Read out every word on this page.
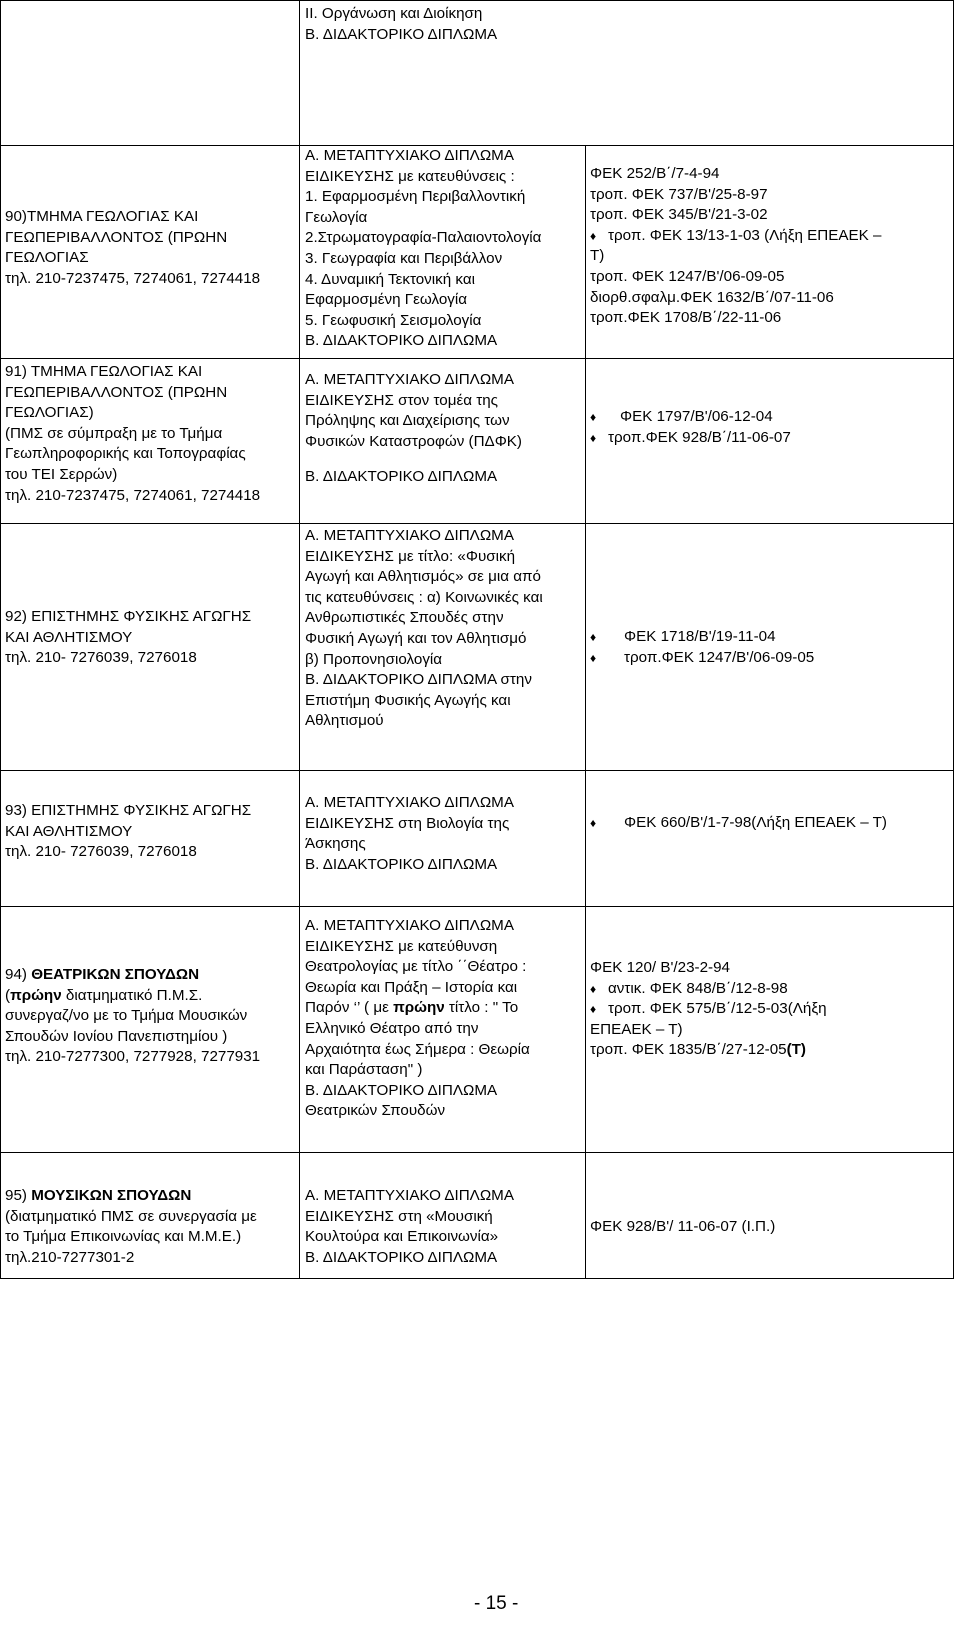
II. Οργάνωση και Διοίκηση
Β. ΔΙΔΑΚΤΟΡΙΚΟ ΔΙΠΛΩΜΑ
90)ΤΜΗΜΑ ΓΕΩΛΟΓΙΑΣ ΚΑΙ
ΓΕΩΠΕΡΙΒΑΛΛΟΝΤΟΣ (ΠΡΩΗΝ
ΓΕΩΛΟΓΙΑΣ
τηλ. 210-7237475, 7274061, 7274418
Α. ΜΕΤΑΠΤΥΧΙΑΚΟ ΔΙΠΛΩΜΑ
ΕΙΔΙΚΕΥΣΗΣ με κατευθύνσεις :
1. Εφαρμοσμένη Περιβαλλοντική
Γεωλογία
2.Στρωματογραφία-Παλαιοντολογία
3. Γεωγραφία και Περιβάλλον
4. Δυναμική Τεκτονική και
Εφαρμοσμένη Γεωλογία
5. Γεωφυσική Σεισμολογία
Β. ΔΙΔΑΚΤΟΡΙΚΟ ΔΙΠΛΩΜΑ
ΦΕΚ 252/Β΄/7-4-94
τροπ. ΦΕΚ 737/Β'/25-8-97
τροπ. ΦΕΚ 345/Β'/21-3-02
♦ τροπ. ΦΕΚ 13/13-1-03 (Λήξη ΕΠΕΑΕΚ –
Τ)
τροπ. ΦΕΚ 1247/Β'/06-09-05
διορθ.σφαλμ.ΦΕΚ 1632/Β΄/07-11-06
τροπ.ΦΕΚ 1708/Β΄/22-11-06
91) ΤΜΗΜΑ ΓΕΩΛΟΓΙΑΣ ΚΑΙ
ΓΕΩΠΕΡΙΒΑΛΛΟΝΤΟΣ (ΠΡΩΗΝ
ΓΕΩΛΟΓΙΑΣ)
(ΠΜΣ σε σύμπραξη με το Τμήμα
Γεωπληροφορικής και Τοπογραφίας
του ΤΕΙ Σερρών)
τηλ. 210-7237475, 7274061, 7274418
Α. ΜΕΤΑΠΤΥΧΙΑΚΟ ΔΙΠΛΩΜΑ
ΕΙΔΙΚΕΥΣΗΣ στον τομέα της
Πρόληψης και Διαχείρισης των
Φυσικών Καταστροφών (ΠΔΦΚ)
Β. ΔΙΔΑΚΤΟΡΙΚΟ ΔΙΠΛΩΜΑ
♦ ΦΕΚ 1797/Β'/06-12-04
♦ τροπ.ΦΕΚ 928/Β΄/11-06-07
92) ΕΠΙΣΤΗΜΗΣ ΦΥΣΙΚΗΣ ΑΓΩΓΗΣ
ΚΑΙ ΑΘΛΗΤΙΣΜΟΥ
τηλ. 210- 7276039, 7276018
Α. ΜΕΤΑΠΤΥΧΙΑΚΟ ΔΙΠΛΩΜΑ
ΕΙΔΙΚΕΥΣΗΣ με τίτλο: «Φυσική
Αγωγή και Αθλητισμός» σε μια από
τις κατευθύνσεις : α) Κοινωνικές και
Ανθρωπιστικές Σπουδές στην
Φυσική Αγωγή και τον Αθλητισμό
β) Προπονησιολογία
Β. ΔΙΔΑΚΤΟΡΙΚΟ ΔΙΠΛΩΜΑ στην
Επιστήμη Φυσικής Αγωγής και
Αθλητισμού
♦ ΦΕΚ 1718/Β'/19-11-04
♦ τροπ.ΦΕΚ 1247/Β'/06-09-05
93) ΕΠΙΣΤΗΜΗΣ ΦΥΣΙΚΗΣ ΑΓΩΓΗΣ
ΚΑΙ ΑΘΛΗΤΙΣΜΟΥ
τηλ. 210- 7276039, 7276018
Α. ΜΕΤΑΠΤΥΧΙΑΚΟ ΔΙΠΛΩΜΑ
ΕΙΔΙΚΕΥΣΗΣ στη Βιολογία της
Άσκησης
Β. ΔΙΔΑΚΤΟΡΙΚΟ ΔΙΠΛΩΜΑ
♦ ΦΕΚ 660/Β'/1-7-98(Λήξη ΕΠΕΑΕΚ – Τ)
94) ΘΕΑΤΡΙΚΩΝ ΣΠΟΥΔΩΝ
(πρώην διατμηματικό Π.Μ.Σ.
συνεργαζ/νο με το Τμήμα Μουσικών
Σπουδών Ιονίου Πανεπιστημίου )
τηλ. 210-7277300, 7277928, 7277931
Α. ΜΕΤΑΠΤΥΧΙΑΚΟ ΔΙΠΛΩΜΑ
ΕΙΔΙΚΕΥΣΗΣ με κατεύθυνση
Θεατρολογίας με τίτλο ΄΄Θέατρο :
Θεωρία και Πράξη – Ιστορία και
Παρόν ‘’ ( με πρώην τίτλο : " Το
Ελληνικό Θέατρο από την
Αρχαιότητα έως Σήμερα : Θεωρία
και Παράσταση" )
Β. ΔΙΔΑΚΤΟΡΙΚΟ ΔΙΠΛΩΜΑ
Θεατρικών Σπουδών
ΦΕΚ 120/ Β'/23-2-94
♦ αντικ. ΦΕΚ 848/Β΄/12-8-98
♦ τροπ. ΦΕΚ 575/Β΄/12-5-03(Λήξη
ΕΠΕΑΕΚ – Τ)
τροπ. ΦΕΚ 1835/Β΄/27-12-05(Τ)
95) ΜΟΥΣΙΚΩΝ ΣΠΟΥΔΩΝ
(διατμηματικό ΠΜΣ σε συνεργασία με
το Τμήμα Επικοινωνίας και Μ.Μ.Ε.)
τηλ.210-7277301-2
Α. ΜΕΤΑΠΤΥΧΙΑΚΟ ΔΙΠΛΩΜΑ
ΕΙΔΙΚΕΥΣΗΣ στη «Μουσική
Κουλτούρα και Επικοινωνία»
Β. ΔΙΔΑΚΤΟΡΙΚΟ ΔΙΠΛΩΜΑ
ΦΕΚ 928/Β'/ 11-06-07 (Ι.Π.)
- 15 -
